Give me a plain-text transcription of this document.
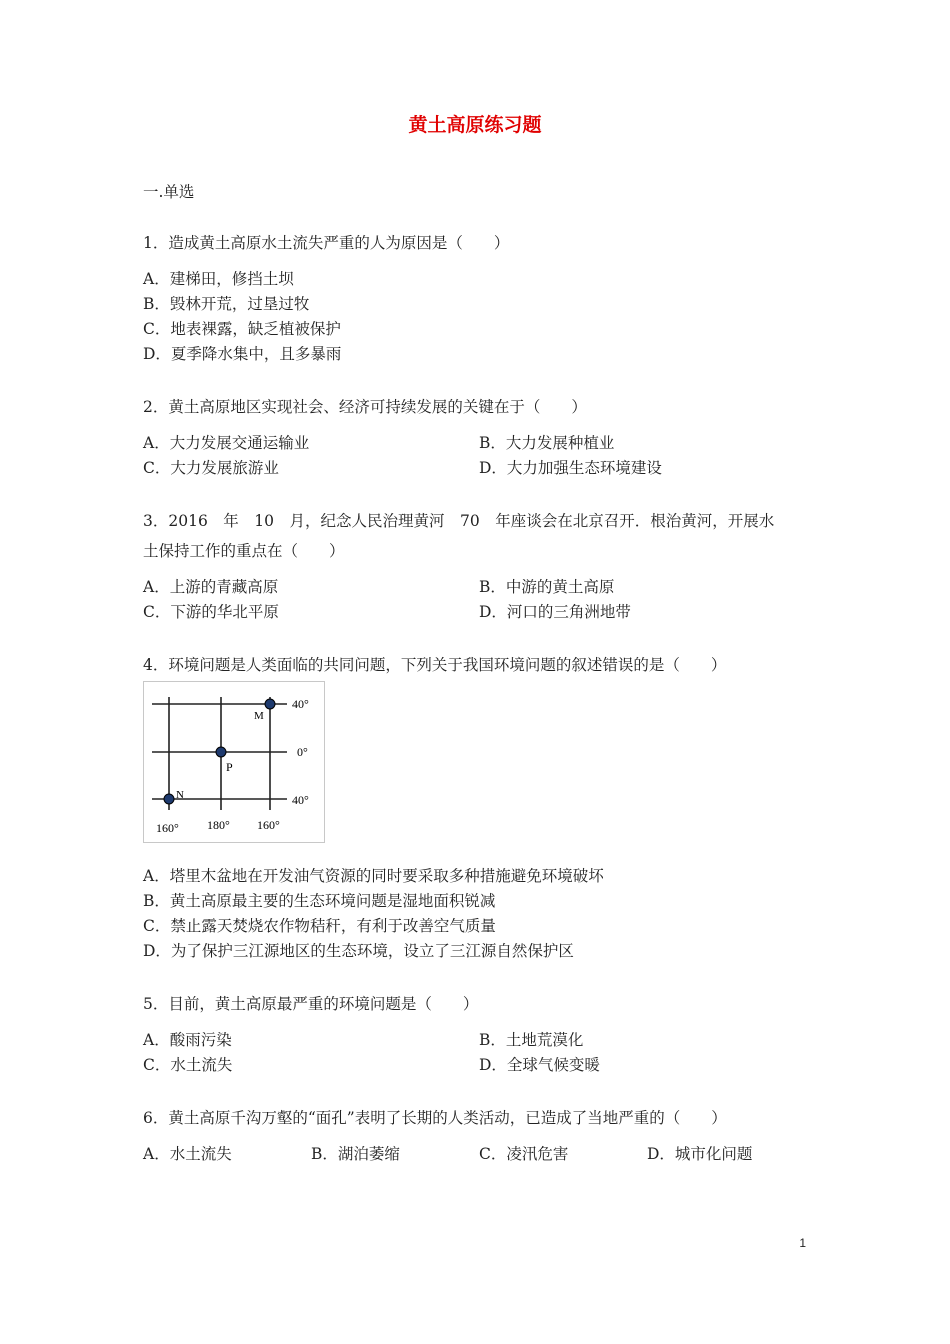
黄土高原练习题
一.单选
1．造成黄土高原水土流失严重的人为原因是（　　）
A．建梯田，修挡土坝
B．毁林开荒，过垦过牧
C．地表裸露，缺乏植被保护
D．夏季降水集中，且多暴雨
2．黄土高原地区实现社会、经济可持续发展的关键在于（　　）
A．大力发展交通运输业	B．大力发展种植业
C．大力发展旅游业	D．大力加强生态环境建设
3．2016　年　10　月，纪念人民治理黄河　70　年座谈会在北京召开．根治黄河，开展水
土保持工作的重点在（　　）
A．上游的青藏高原	B．中游的黄土高原
C．下游的华北平原	D．河口的三角洲地带
4．环境问题是人类面临的共同问题，下列关于我国环境问题的叙述错误的是（　　）
M
P
N
40°
0°
40°
160° 180° 160°
A．塔里木盆地在开发油气资源的同时要采取多种措施避免环境破坏
B．黄土高原最主要的生态环境问题是湿地面积锐减
C．禁止露天焚烧农作物秸秆，有利于改善空气质量
D．为了保护三江源地区的生态环境，设立了三江源自然保护区
5．目前，黄土高原最严重的环境问题是（　　）
A．酸雨污染	B．土地荒漠化
C．水土流失	D．全球气候变暖
6．黄土高原千沟万壑的“面孔”表明了长期的人类活动，已造成了当地严重的（　　）
A．水土流失	B．湖泊萎缩	C．凌汛危害	D．城市化问题
1
